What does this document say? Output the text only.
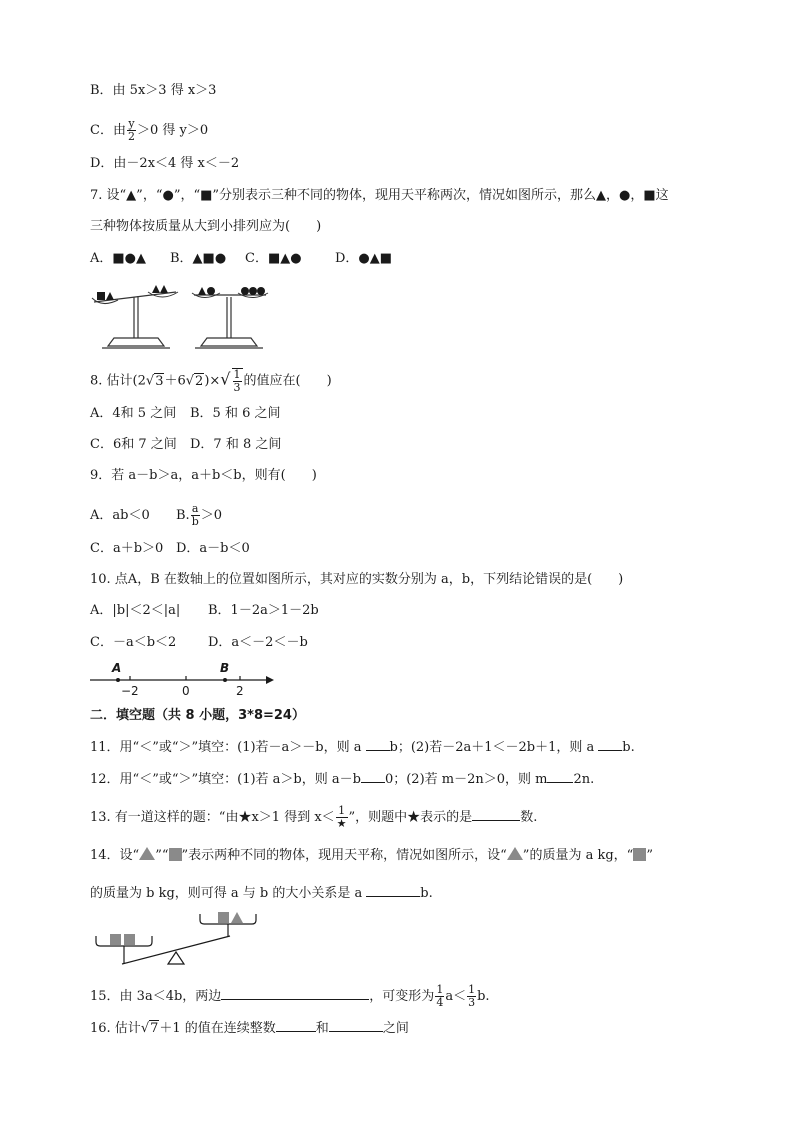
B．由 5x＞3 得 x＞3
C．由 $\frac{y}{2} >0$ 得 y＞0
D．由－2x＜4 得 x＜－2
7. 设“▲”，“●”，“■”分别表示三种不同的物体，现用天平称两次，情况如图所示，那么▲，●，■这
三种物体按质量从大到小排列应为(　　)
A．■●▲ B．▲■● C．■▲●	D．●▲■
8. 估计$(2√3+6√2)\times√ \frac{1}{3}$ 的值应在(　　)
A．4和 5 之间 B．5 和 6 之间
C．6和 7 之间 D．7 和 8 之间
9．若 a－b＞a，a＋b＜b，则有(　　)
A．ab＜0 B. $\frac{a}{b} >0$
C．a＋b＞0 D．a－b＜0
10. 点A，B 在数轴上的位置如图所示，其对应的实数分别为 a，b，下列结论错误的是(　　)
A．|b|＜2＜|a| B．1－2a＞1－2b
C．－a＜b＜2 D．a＜－2＜－b
A	B
−2	0	2
二．填空题（共 8 小题，3*8=24）
11．用“＜”或“＞”填空：(1)若－a＞－b，则 a b；(2)若－2a＋1＜－2b＋1，则 a b.
12．用“＜”或“＞”填空：(1)若 a＞b，则 a－b 0；(2)若 m－2n＞0，则 m 2n.
13. 有一道这样的题：“由★x＞1 得到 $x< \frac{1}{★}$ ”，则题中★表示的是	数.
14．设“ ”“ ”表示两种不同的物体，现用天平称，情况如图所示，设“ ”的质量为 a kg，“ ”
的质量为 b kg，则可得 a 与 b 的大小关系是 a	b.
15．由 3a＜4b，两边	，可变形为 $\frac{1}{4} a< \frac{1}{3} b$.
16. 估计√7＋1 的值在连续整数	和	之间
